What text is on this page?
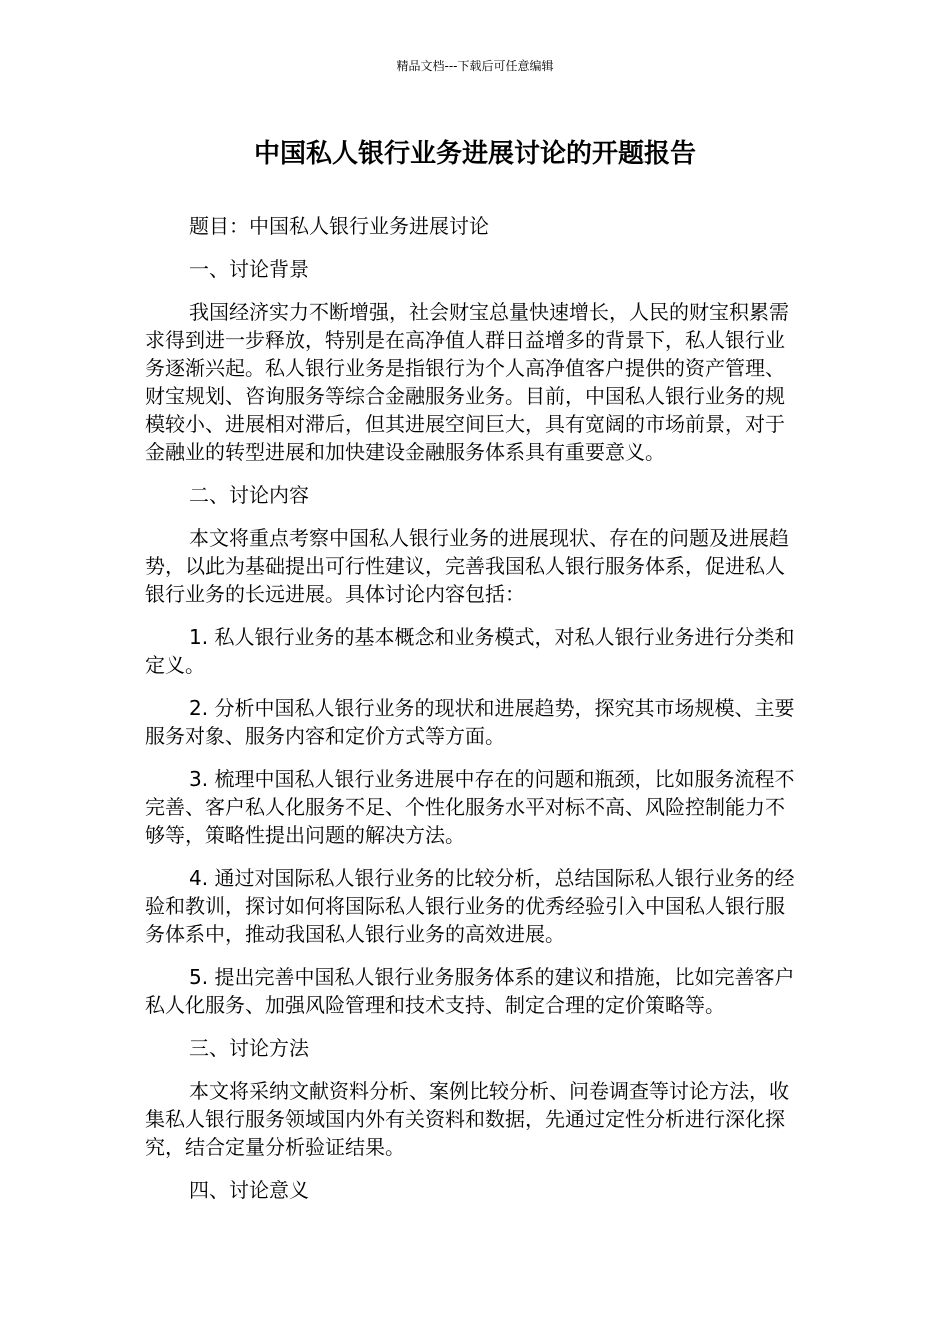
精品文档---下载后可任意编辑
中国私人银行业务进展讨论的开题报告

题目：中国私人银行业务进展讨论

一、讨论背景

我国经济实力不断增强，社会财宝总量快速增长，人民的财宝积累需求得到进一步释放，特别是在高净值人群日益增多的背景下，私人银行业务逐渐兴起。私人银行业务是指银行为个人高净值客户提供的资产管理、财宝规划、咨询服务等综合金融服务业务。目前，中国私人银行业务的规模较小、进展相对滞后，但其进展空间巨大，具有宽阔的市场前景，对于金融业的转型进展和加快建设金融服务体系具有重要意义。

二、讨论内容

本文将重点考察中国私人银行业务的进展现状、存在的问题及进展趋势，以此为基础提出可行性建议，完善我国私人银行服务体系，促进私人银行业务的长远进展。具体讨论内容包括：

1. 私人银行业务的基本概念和业务模式，对私人银行业务进行分类和定义。

2. 分析中国私人银行业务的现状和进展趋势，探究其市场规模、主要服务对象、服务内容和定价方式等方面。

3. 梳理中国私人银行业务进展中存在的问题和瓶颈，比如服务流程不完善、客户私人化服务不足、个性化服务水平对标不高、风险控制能力不够等，策略性提出问题的解决方法。

4. 通过对国际私人银行业务的比较分析，总结国际私人银行业务的经验和教训，探讨如何将国际私人银行业务的优秀经验引入中国私人银行服务体系中，推动我国私人银行业务的高效进展。

5. 提出完善中国私人银行业务服务体系的建议和措施，比如完善客户私人化服务、加强风险管理和技术支持、制定合理的定价策略等。

三、讨论方法

本文将采纳文献资料分析、案例比较分析、问卷调查等讨论方法，收集私人银行服务领域国内外有关资料和数据，先通过定性分析进行深化探究，结合定量分析验证结果。

四、讨论意义
